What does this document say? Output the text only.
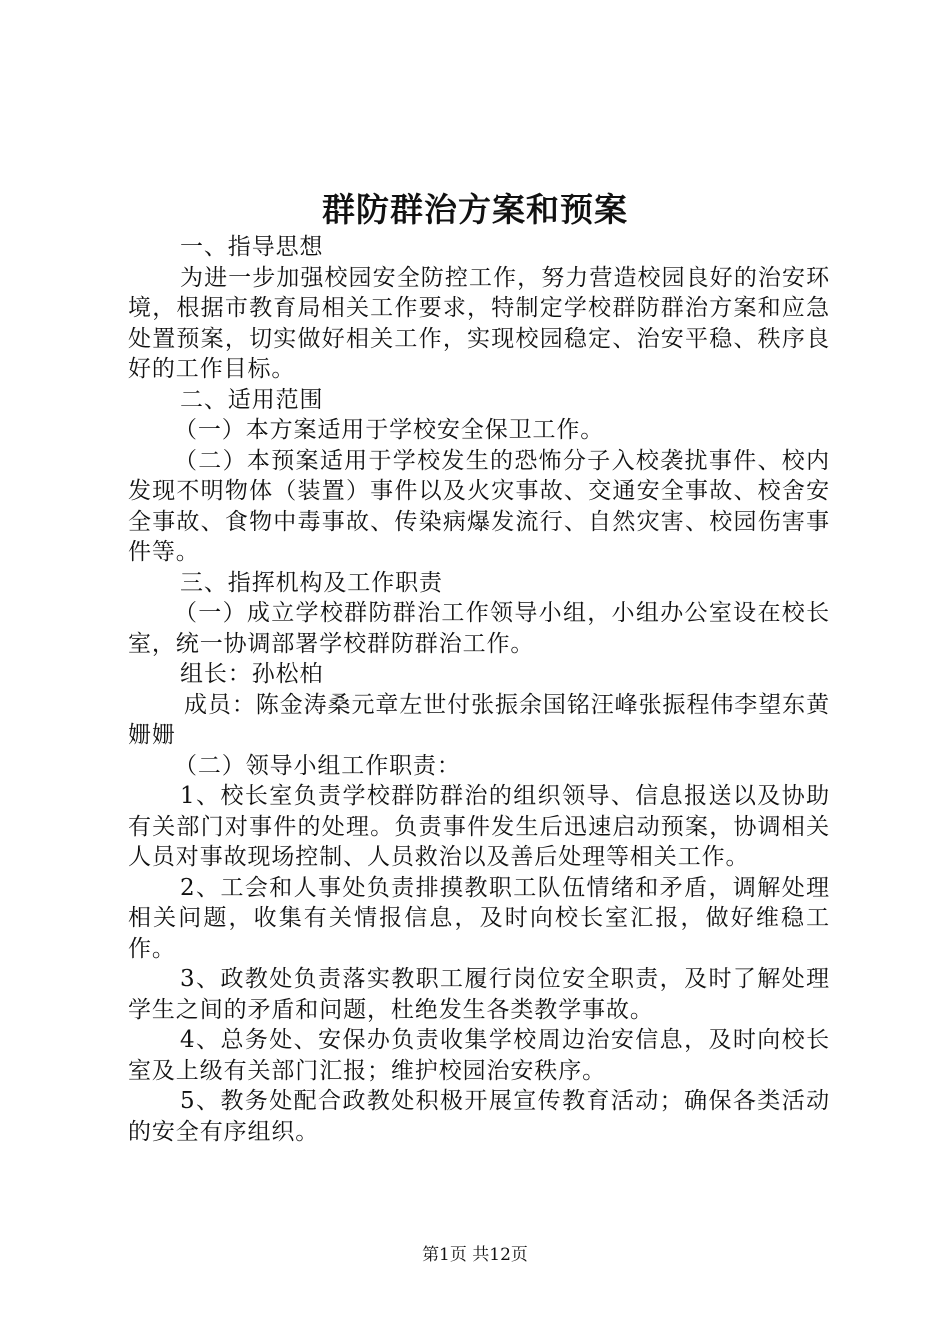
群防群治方案和预案

一、指导思想

为进一步加强校园安全防控工作，努力营造校园良好的治安环境，根据市教育局相关工作要求，特制定学校群防群治方案和应急处置预案，切实做好相关工作，实现校园稳定、治安平稳、秩序良好的工作目标。

二、适用范围

（一）本方案适用于学校安全保卫工作。

（二）本预案适用于学校发生的恐怖分子入校袭扰事件、校内发现不明物体（装置）事件以及火灾事故、交通安全事故、校舍安全事故、食物中毒事故、传染病爆发流行、自然灾害、校园伤害事件等。

三、指挥机构及工作职责

（一）成立学校群防群治工作领导小组，小组办公室设在校长室，统一协调部署学校群防群治工作。

组长：孙松柏

成员：陈金涛桑元章左世付张振余国铭汪峰张振程伟李望东黄姗姗

（二）领导小组工作职责：

1、校长室负责学校群防群治的组织领导、信息报送以及协助有关部门对事件的处理。负责事件发生后迅速启动预案，协调相关人员对事故现场控制、人员救治以及善后处理等相关工作。

2、工会和人事处负责排摸教职工队伍情绪和矛盾，调解处理相关问题，收集有关情报信息，及时向校长室汇报，做好维稳工作。

3、政教处负责落实教职工履行岗位安全职责，及时了解处理学生之间的矛盾和问题，杜绝发生各类教学事故。

4、总务处、安保办负责收集学校周边治安信息，及时向校长室及上级有关部门汇报；维护校园治安秩序。

5、教务处配合政教处积极开展宣传教育活动；确保各类活动的安全有序组织。

第1页 共12页
